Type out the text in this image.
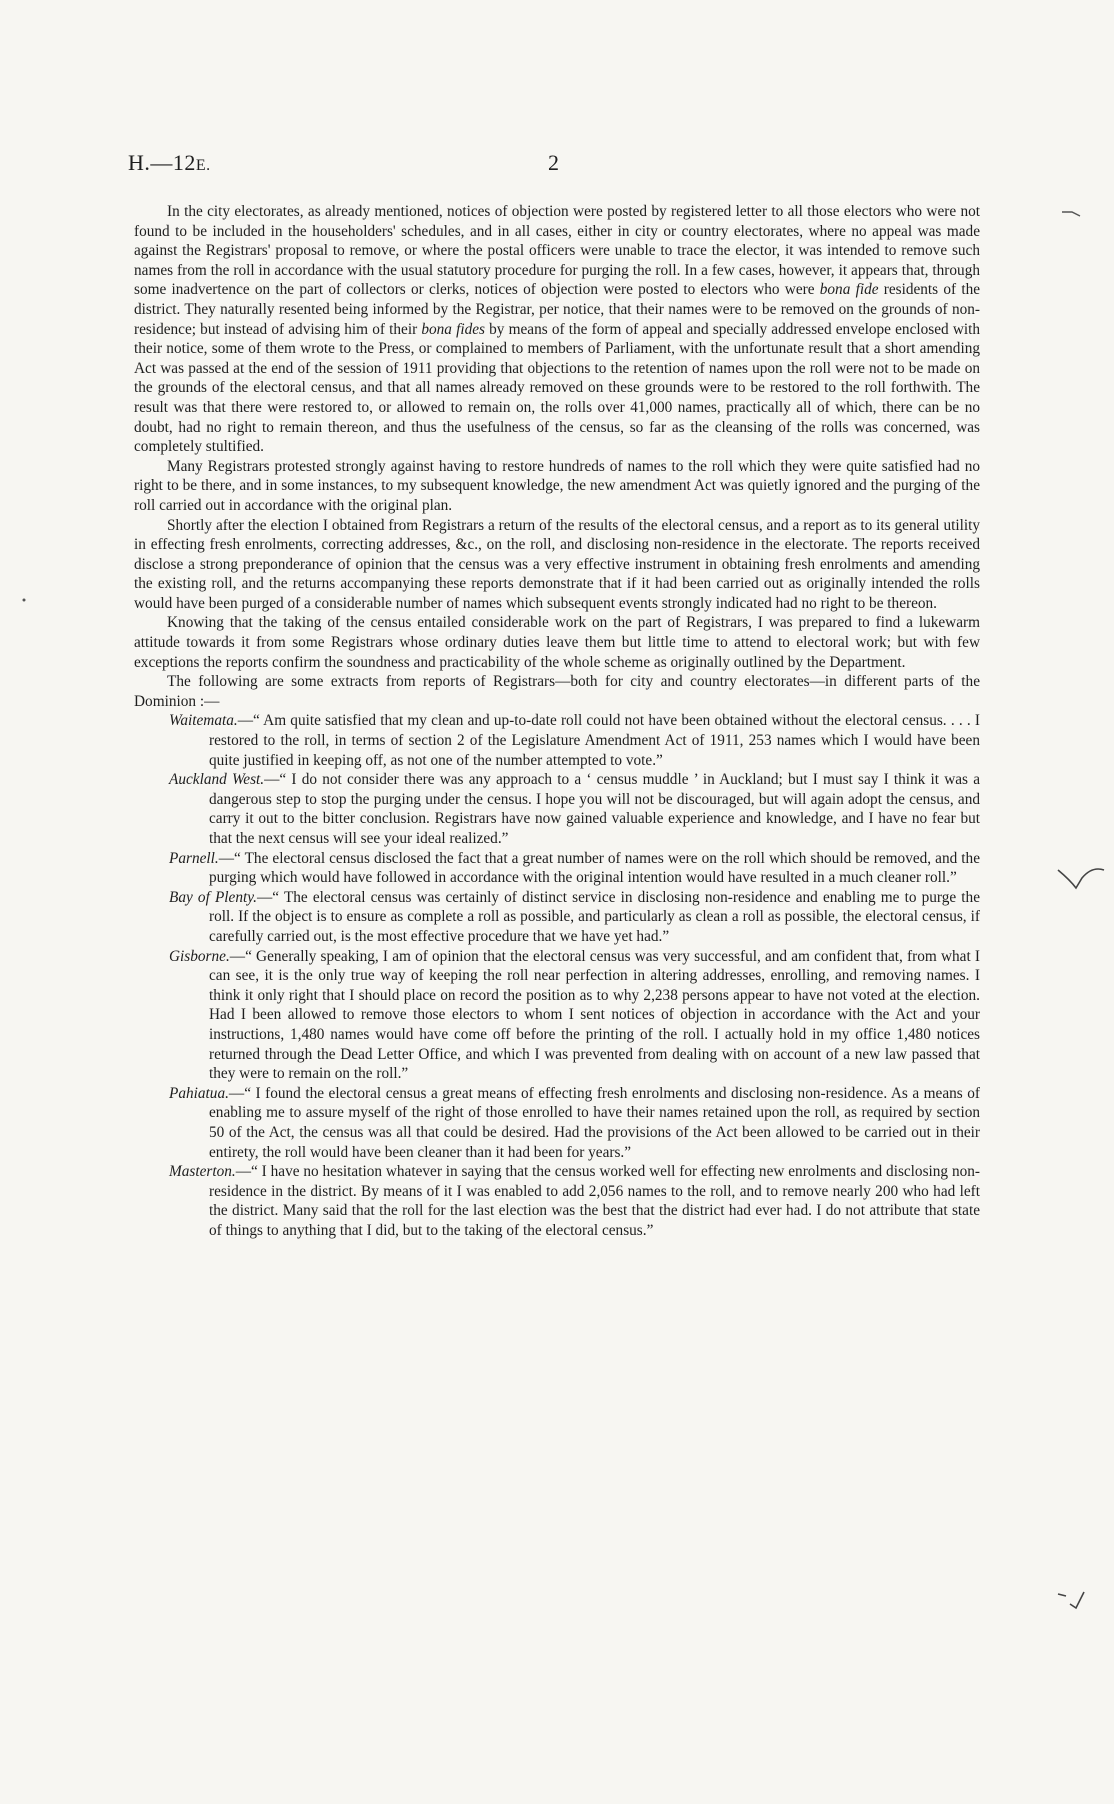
H.—12E.	2

In the city electorates, as already mentioned, notices of objection were posted by registered letter to all those electors who were not found to be included in the householders' schedules, and in all cases, either in city or country electorates, where no appeal was made against the Registrars' proposal to remove, or where the postal officers were unable to trace the elector, it was intended to remove such names from the roll in accordance with the usual statutory procedure for purging the roll. In a few cases, however, it appears that, through some inadvertence on the part of collectors or clerks, notices of objection were posted to electors who were bona fide residents of the district. They naturally resented being informed by the Registrar, per notice, that their names were to be removed on the grounds of non-residence; but instead of advising him of their bona fides by means of the form of appeal and specially addressed envelope enclosed with their notice, some of them wrote to the Press, or complained to members of Parliament, with the unfortunate result that a short amending Act was passed at the end of the session of 1911 providing that objections to the retention of names upon the roll were not to be made on the grounds of the electoral census, and that all names already removed on these grounds were to be restored to the roll forthwith. The result was that there were restored to, or allowed to remain on, the rolls over 41,000 names, practically all of which, there can be no doubt, had no right to remain thereon, and thus the usefulness of the census, so far as the cleansing of the rolls was concerned, was completely stultified.

Many Registrars protested strongly against having to restore hundreds of names to the roll which they were quite satisfied had no right to be there, and in some instances, to my subsequent knowledge, the new amendment Act was quietly ignored and the purging of the roll carried out in accordance with the original plan.

Shortly after the election I obtained from Registrars a return of the results of the electoral census, and a report as to its general utility in effecting fresh enrolments, correcting addresses, &c., on the roll, and disclosing non-residence in the electorate. The reports received disclose a strong preponderance of opinion that the census was a very effective instrument in obtaining fresh enrolments and amending the existing roll, and the returns accompanying these reports demonstrate that if it had been carried out as originally intended the rolls would have been purged of a considerable number of names which subsequent events strongly indicated had no right to be thereon.

Knowing that the taking of the census entailed considerable work on the part of Registrars, I was prepared to find a lukewarm attitude towards it from some Registrars whose ordinary duties leave them but little time to attend to electoral work; but with few exceptions the reports confirm the soundness and practicability of the whole scheme as originally outlined by the Department.

The following are some extracts from reports of Registrars—both for city and country electorates—in different parts of the Dominion :—

Waitemata.—“ Am quite satisfied that my clean and up-to-date roll could not have been obtained without the electoral census. . . . I restored to the roll, in terms of section 2 of the Legislature Amendment Act of 1911, 253 names which I would have been quite justified in keeping off, as not one of the number attempted to vote.”

Auckland West.—“ I do not consider there was any approach to a ‘ census muddle ’ in Auckland; but I must say I think it was a dangerous step to stop the purging under the census. I hope you will not be discouraged, but will again adopt the census, and carry it out to the bitter conclusion. Registrars have now gained valuable experience and knowledge, and I have no fear but that the next census will see your ideal realized.”

Parnell.—“ The electoral census disclosed the fact that a great number of names were on the roll which should be removed, and the purging which would have followed in accordance with the original intention would have resulted in a much cleaner roll.”

Bay of Plenty.—“ The electoral census was certainly of distinct service in disclosing non-residence and enabling me to purge the roll. If the object is to ensure as complete a roll as possible, and particularly as clean a roll as possible, the electoral census, if carefully carried out, is the most effective procedure that we have yet had.”

Gisborne.—“ Generally speaking, I am of opinion that the electoral census was very successful, and am confident that, from what I can see, it is the only true way of keeping the roll near perfection in altering addresses, enrolling, and removing names. I think it only right that I should place on record the position as to why 2,238 persons appear to have not voted at the election. Had I been allowed to remove those electors to whom I sent notices of objection in accordance with the Act and your instructions, 1,480 names would have come off before the printing of the roll. I actually hold in my office 1,480 notices returned through the Dead Letter Office, and which I was prevented from dealing with on account of a new law passed that they were to remain on the roll.”

Pahiatua.—“ I found the electoral census a great means of effecting fresh enrolments and disclosing non-residence. As a means of enabling me to assure myself of the right of those enrolled to have their names retained upon the roll, as required by section 50 of the Act, the census was all that could be desired. Had the provisions of the Act been allowed to be carried out in their entirety, the roll would have been cleaner than it had been for years.”

Masterton.—“ I have no hesitation whatever in saying that the census worked well for effecting new enrolments and disclosing non-residence in the district. By means of it I was enabled to add 2,056 names to the roll, and to remove nearly 200 who had left the district. Many said that the roll for the last election was the best that the district had ever had. I do not attribute that state of things to anything that I did, but to the taking of the electoral census.”
